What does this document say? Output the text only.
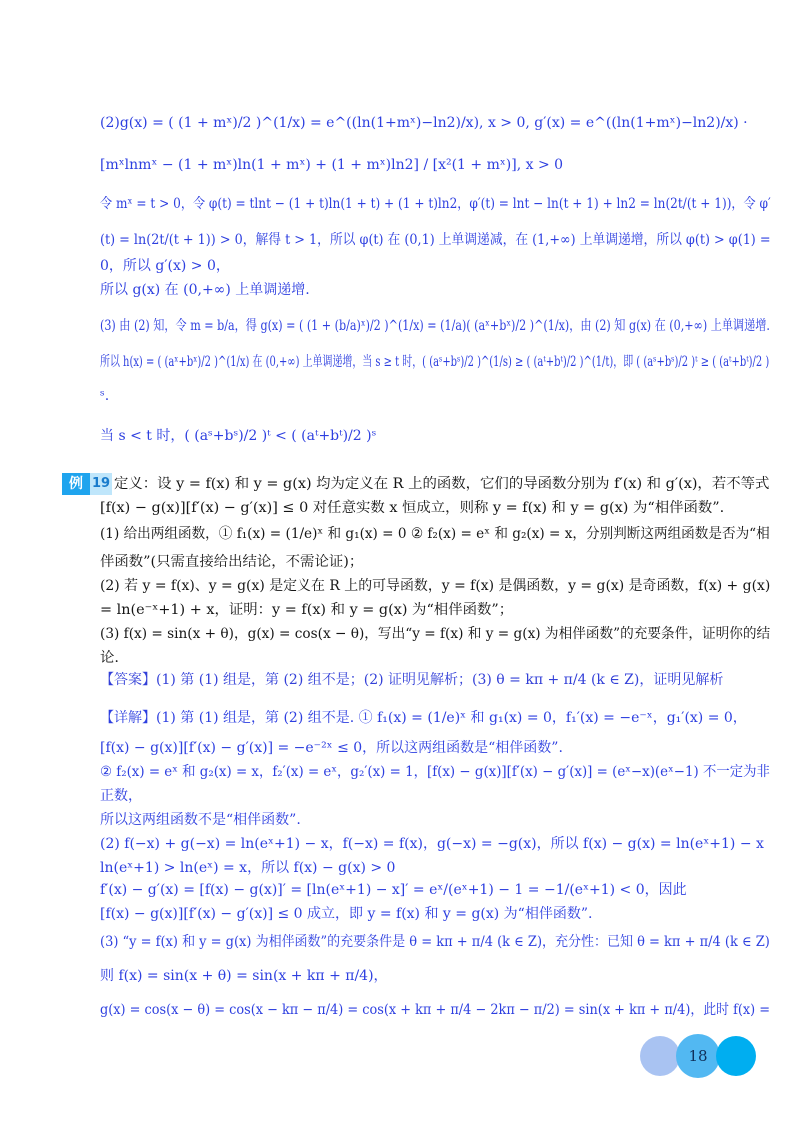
(2)g(x) = ( (1 + mˣ)/2 )^(1/x) = e^((ln(1+mˣ)−ln2)/x), x > 0, g′(x) = e^((ln(1+mˣ)−ln2)/x) ·
[mˣlnmˣ − (1 + mˣ)ln(1 + mˣ) + (1 + mˣ)ln2] / [x²(1 + mˣ)], x > 0
令 mˣ = t > 0，令 φ(t) = tlnt − (1 + t)ln(1 + t) + (1 + t)ln2，φ′(t) = lnt − ln(t + 1) + ln2 = ln(2t/(t + 1))，令 φ′
(t) = ln(2t/(t + 1)) > 0，解得 t > 1，所以 φ(t) 在 (0,1) 上单调递减，在 (1,+∞) 上单调递增，所以 φ(t) > φ(1) =
0，所以 g′(x) > 0，
所以 g(x) 在 (0,+∞) 上单调递增.
(3) 由 (2) 知，令 m = b/a，得 g(x) = ( (1 + (b/a)ˣ)/2 )^(1/x) = (1/a)( (aˣ+bˣ)/2 )^(1/x)，由 (2) 知 g(x) 在 (0,+∞) 上单调递增.
所以 h(x) = ( (aˣ+bˣ)/2 )^(1/x) 在 (0,+∞) 上单调递增，当 s ≥ t 时，( (aˢ+bˢ)/2 )^(1/s) ≥ ( (aᵗ+bᵗ)/2 )^(1/t)，即 ( (aˢ+bˢ)/2 )ᵗ ≥ ( (aᵗ+bᵗ)/2 )
ˢ.
当 s < t 时，( (aˢ+bˢ)/2 )ᵗ < ( (aᵗ+bᵗ)/2 )ˢ
例 19 定义：设 y = f(x) 和 y = g(x) 均为定义在 R 上的函数，它们的导函数分别为 f′(x) 和 g′(x)，若不等式
[f(x) − g(x)][f′(x) − g′(x)] ≤ 0 对任意实数 x 恒成立，则称 y = f(x) 和 y = g(x) 为“相伴函数”.
(1) 给出两组函数，① f₁(x) = (1/e)ˣ 和 g₁(x) = 0 ② f₂(x) = eˣ 和 g₂(x) = x，分别判断这两组函数是否为“相
伴函数”(只需直接给出结论，不需论证)；
(2) 若 y = f(x)、y = g(x) 是定义在 R 上的可导函数，y = f(x) 是偶函数，y = g(x) 是奇函数，f(x) + g(x)
= ln(e⁻ˣ+1) + x，证明：y = f(x) 和 y = g(x) 为“相伴函数”；
(3) f(x) = sin(x + θ)，g(x) = cos(x − θ)，写出“y = f(x) 和 y = g(x) 为相伴函数”的充要条件，证明你的结
论.
【答案】(1) 第 (1) 组是，第 (2) 组不是；(2) 证明见解析；(3) θ = kπ + π/4 (k ∈ Z)，证明见解析
【详解】(1) 第 (1) 组是，第 (2) 组不是. ① f₁(x) = (1/e)ˣ 和 g₁(x) = 0，f₁′(x) = −e⁻ˣ，g₁′(x) = 0，
[f(x) − g(x)][f′(x) − g′(x)] = −e⁻²ˣ ≤ 0，所以这两组函数是“相伴函数”.
② f₂(x) = eˣ 和 g₂(x) = x，f₂′(x) = eˣ，g₂′(x) = 1，[f(x) − g(x)][f′(x) − g′(x)] = (eˣ−x)(eˣ−1) 不一定为非
正数，
所以这两组函数不是“相伴函数”.
(2) f(−x) + g(−x) = ln(eˣ+1) − x，f(−x) = f(x)，g(−x) = −g(x)，所以 f(x) − g(x) = ln(eˣ+1) − x
ln(eˣ+1) > ln(eˣ) = x，所以 f(x) − g(x) > 0
f′(x) − g′(x) = [f(x) − g(x)]′ = [ln(eˣ+1) − x]′ = eˣ/(eˣ+1) − 1 = −1/(eˣ+1) < 0，因此
[f(x) − g(x)][f′(x) − g′(x)] ≤ 0 成立，即 y = f(x) 和 y = g(x) 为“相伴函数”.
(3) “y = f(x) 和 y = g(x) 为相伴函数”的充要条件是 θ = kπ + π/4 (k ∈ Z)，充分性：已知 θ = kπ + π/4 (k ∈ Z)
则 f(x) = sin(x + θ) = sin(x + kπ + π/4)，
g(x) = cos(x − θ) = cos(x − kπ − π/4) = cos(x + kπ + π/4 − 2kπ − π/2) = sin(x + kπ + π/4)，此时 f(x) =
18
